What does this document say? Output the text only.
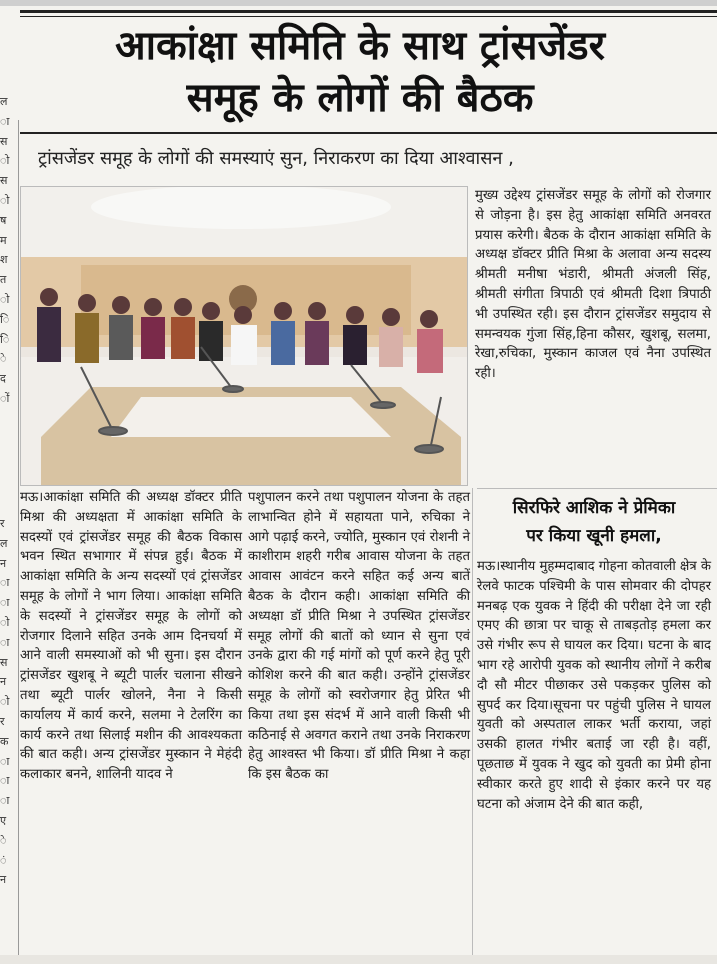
आकांक्षा समिति के साथ ट्रांसजेंडर
समूह के लोगों की बैठक
ट्रांसजेंडर समूह के लोगों की समस्याएं सुन, निराकरण का दिया आश्वासन ,
ल
ा
स
ो
स
ो
ष
म
श
त
ो
ि
ि
े
द
ों
र
ल
न
ा
ा
ो
ा
स
न
ो
र
क
ा
ा
ा
ए
े
ं
न

मुख्य उद्देश्य ट्रांसजेंडर समूह के लोगों को रोजगार से जोड़ना है। इस हेतु आकांक्षा समिति अनवरत प्रयास करेगी। बैठक के दौरान आकांक्षा समिति के अध्यक्ष डॉक्टर प्रीति मिश्रा के अलावा अन्य सदस्य श्रीमती मनीषा भंडारी, श्रीमती अंजली सिंह, श्रीमती संगीता त्रिपाठी एवं श्रीमती दिशा त्रिपाठी भी उपस्थित रही। इस दौरान ट्रांसजेंडर समुदाय से समन्वयक गुंजा सिंह,हिना कौसर, खुशबू, सलमा, रेखा,रुचिका, मुस्कान काजल एवं नैना उपस्थित रही।

मऊ।आकांक्षा समिति की अध्यक्ष डॉक्टर प्रीति मिश्रा की अध्यक्षता में आकांक्षा समिति के सदस्यों एवं ट्रांसजेंडर समूह की बैठक विकास भवन स्थित सभागार में संपन्न हुई। बैठक में आकांक्षा समिति के अन्य सदस्यों एवं ट्रांसजेंडर समूह के लोगों ने भाग लिया। आकांक्षा समिति के सदस्यों ने ट्रांसजेंडर समूह के लोगों को रोजगार दिलाने सहित उनके आम दिनचर्या में आने वाली समस्याओं को भी सुना। इस दौरान ट्रांसजेंडर खुशबू ने ब्यूटी पार्लर चलाना सीखने तथा ब्यूटी पार्लर खोलने, नैना ने किसी कार्यालय में कार्य करने, सलमा ने टेलरिंग का कार्य करने तथा सिलाई मशीन की आवश्यकता की बात कही। अन्य ट्रांसजेंडर मुस्कान ने मेहंदी कलाकार बनने, शालिनी यादव ने

पशुपालन करने तथा पशुपालन योजना के तहत लाभान्वित होने में सहायता पाने, रुचिका ने आगे पढ़ाई करने, ज्योति, मुस्कान एवं रोशनी ने काशीराम शहरी गरीब आवास योजना के तहत आवास आवंटन करने सहित कई अन्य बातें बैठक के दौरान कही। आकांक्षा समिति की अध्यक्षा डॉ प्रीति मिश्रा ने उपस्थित ट्रांसजेंडर समूह लोगों की बातों को ध्यान से सुना एवं उनके द्वारा की गई मांगों को पूर्ण करने हेतु पूरी कोशिश करने की बात कही। उन्होंने ट्रांसजेंडर समूह के लोगों को स्वरोजगार हेतु प्रेरित भी किया तथा इस संदर्भ में आने वाली किसी भी कठिनाई से अवगत कराने तथा उनके निराकरण हेतु आश्वस्त भी किया। डॉ प्रीति मिश्रा ने कहा कि इस बैठक का

सिरफिरे आशिक ने प्रेमिका
पर किया खूनी हमला,

मऊ।स्थानीय मुहम्मदाबाद गोहना कोतवाली क्षेत्र के रेलवे फाटक पश्चिमी के पास सोमवार की दोपहर मनबढ़ एक युवक ने हिंदी की परीक्षा देने जा रही एमए की छात्रा पर चाकू से ताबड़तोड़ हमला कर उसे गंभीर रूप से घायल कर दिया। घटना के बाद भाग रहे आरोपी युवक को स्थानीय लोगों ने करीब दौ सौ मीटर पीछाकर उसे पकड़कर पुलिस को सुपर्द कर दिया।सूचना पर पहुंची पुलिस ने घायल युवती को अस्पताल लाकर भर्ती कराया, जहां उसकी हालत गंभीर बताई जा रही है। वहीं, पूछताछ में युवक ने खुद को युवती का प्रेमी होना स्वीकार करते हुए शादी से इंकार करने पर यह घटना को अंजाम देने की बात कही,
